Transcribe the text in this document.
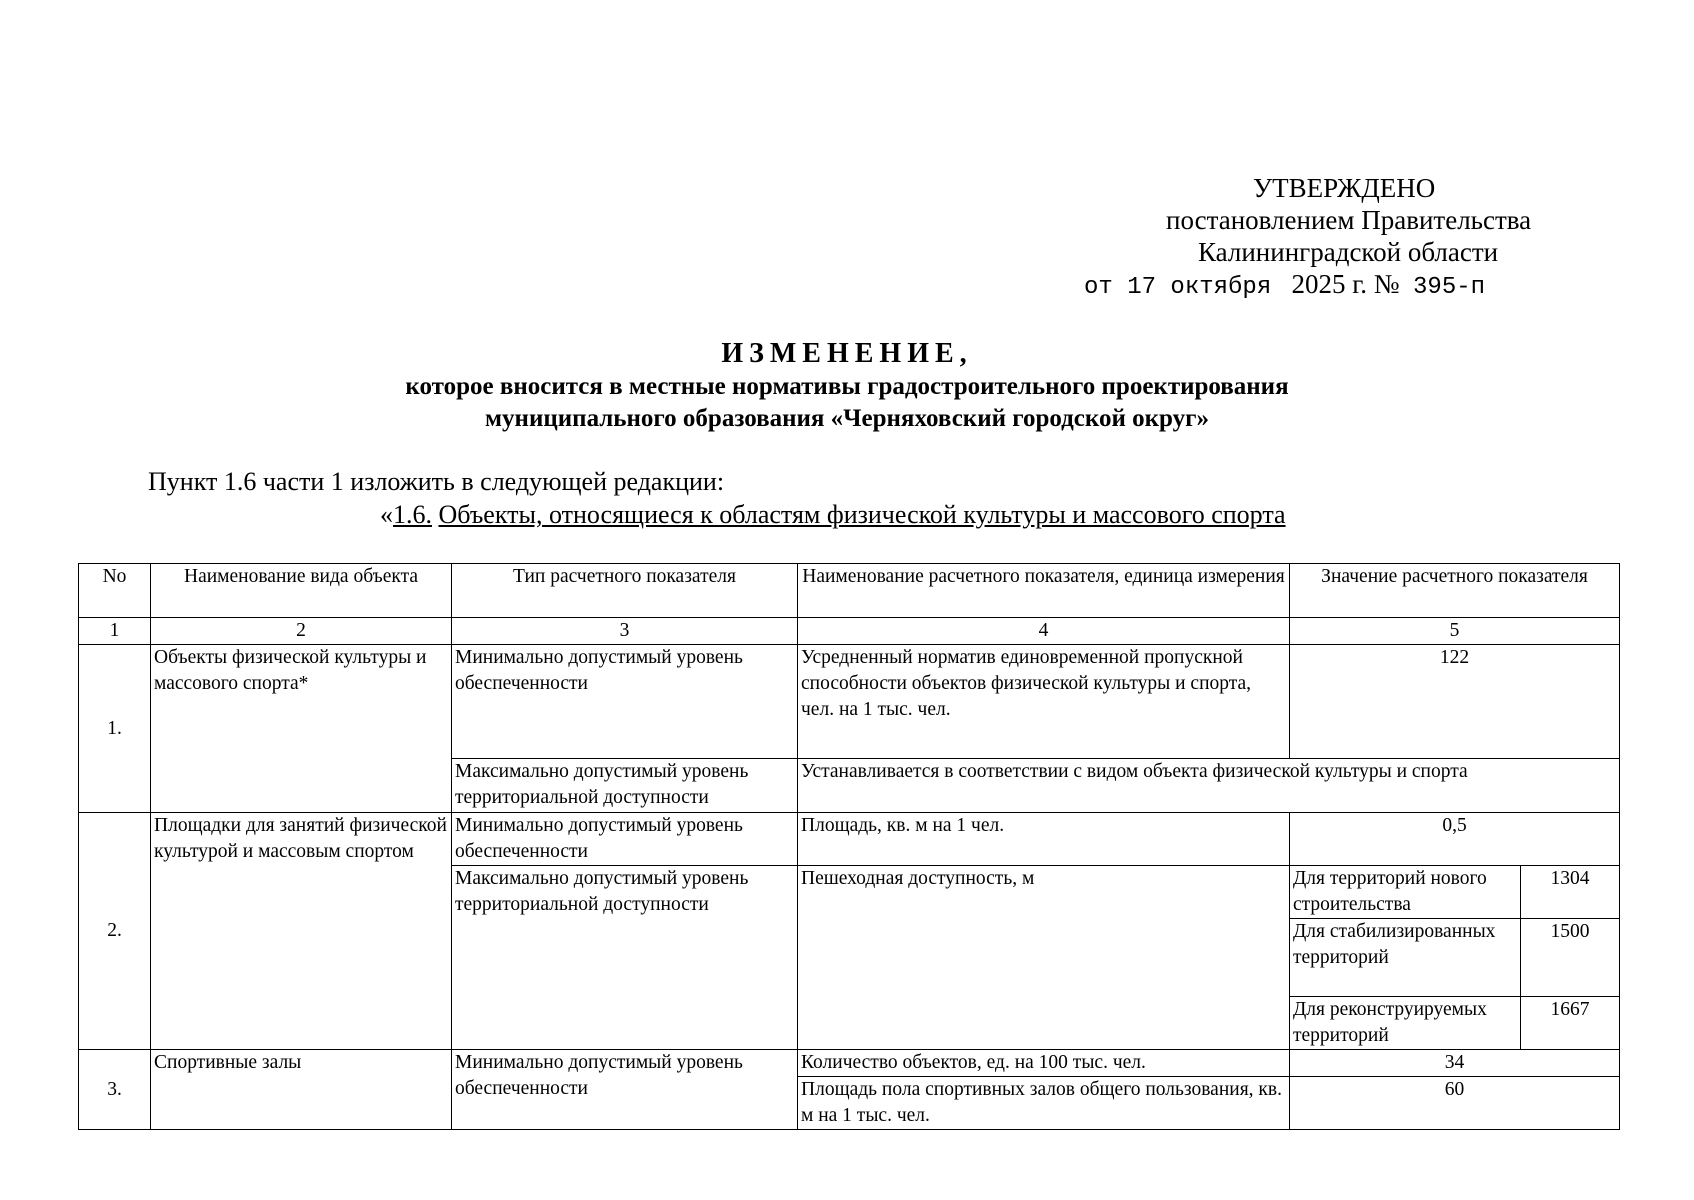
УТВЕРЖДЕНО
постановлением Правительства
Калининградской области
от 17 октября 2025 г. № 395-п
ИЗМЕНЕНИЕ,
которое вносится в местные нормативы градостроительного проектирования
муниципального образования «Черняховский городской округ»
Пункт 1.6 части 1 изложить в следующей редакции:
«1.6. Объекты, относящиеся к областям физической культуры и массового спорта
No	Наименование вида объекта	Тип расчетного показателя	Наименование расчетного показателя, единица измерения	Значение расчетного показателя	
1	2	3	4	5	
1.	Объекты физической культуры и массового спорта*	Минимально допустимый уровень обеспеченности	Усредненный норматив единовременной пропускной способности объектов физической культуры и спорта, чел. на 1 тыс. чел.	122	
		Максимально допустимый уровень территориальной доступности	Устанавливается в соответствии с видом объекта физической культуры и спорта		
2.	Площадки для занятий физической культурой и массовым спортом	Минимально допустимый уровень обеспеченности	Площадь, кв. м на 1 чел.	0,5	
		Максимально допустимый уровень территориальной доступности	Пешеходная доступность, м	Для территорий нового строительства	1304
				Для стабилизированных территорий	1500
				Для реконструируемых территорий	1667
3.	Спортивные залы	Минимально допустимый уровень обеспеченности	Количество объектов, ед. на 100 тыс. чел.	34	
			Площадь пола спортивных залов общего пользования, кв. м на 1 тыс. чел.	60	
